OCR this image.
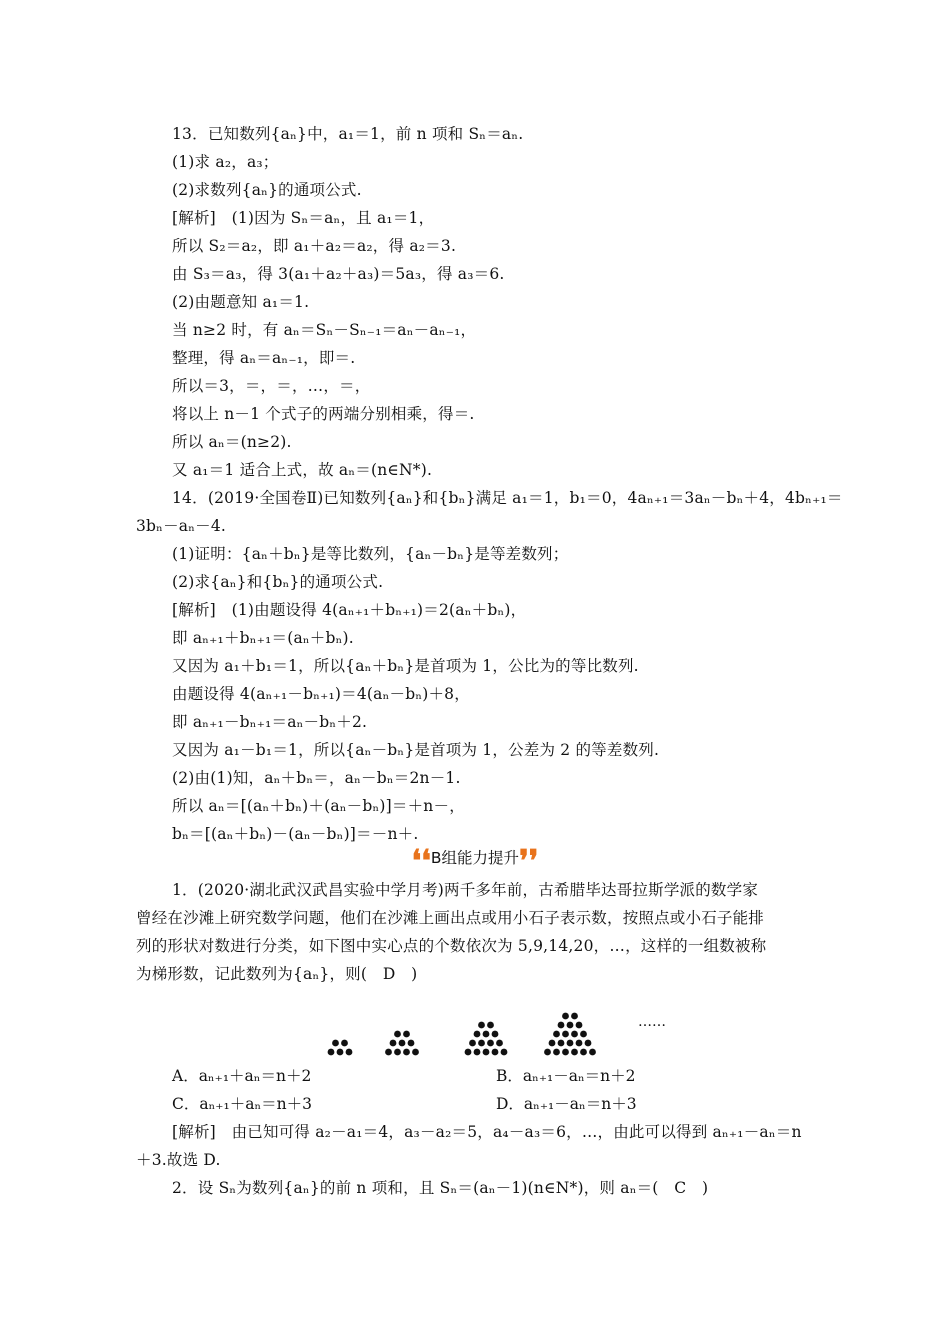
13．已知数列{aₙ}中，a₁＝1，前 n 项和 Sₙ＝aₙ.
(1)求 a₂，a₃；
(2)求数列{aₙ}的通项公式.
[解析]　(1)因为 Sₙ＝aₙ，且 a₁＝1，
所以 S₂＝a₂，即 a₁＋a₂＝a₂，得 a₂＝3.
由 S₃＝a₃，得 3(a₁＋a₂＋a₃)＝5a₃，得 a₃＝6.
(2)由题意知 a₁＝1.
当 n≥2 时，有 aₙ＝Sₙ－Sₙ₋₁＝aₙ－aₙ₋₁，
整理，得 aₙ＝aₙ₋₁，即＝.
所以＝3，＝，＝，…，＝，
将以上 n－1 个式子的两端分别相乘，得＝.
所以 aₙ＝(n≥2).
又 a₁＝1 适合上式，故 aₙ＝(n∈N*).
14．(2019·全国卷Ⅱ)已知数列{aₙ}和{bₙ}满足 a₁＝1，b₁＝0，4aₙ₊₁＝3aₙ－bₙ＋4，4bₙ₊₁＝
3bₙ－aₙ－4.
(1)证明：{aₙ＋bₙ}是等比数列，{aₙ－bₙ}是等差数列；
(2)求{aₙ}和{bₙ}的通项公式.
[解析]　(1)由题设得 4(aₙ₊₁＋bₙ₊₁)＝2(aₙ＋bₙ)，
即 aₙ₊₁＋bₙ₊₁＝(aₙ＋bₙ).
又因为 a₁＋b₁＝1，所以{aₙ＋bₙ}是首项为 1，公比为的等比数列.
由题设得 4(aₙ₊₁－bₙ₊₁)＝4(aₙ－bₙ)＋8，
即 aₙ₊₁－bₙ₊₁＝aₙ－bₙ＋2.
又因为 a₁－b₁＝1，所以{aₙ－bₙ}是首项为 1，公差为 2 的等差数列.
(2)由(1)知，aₙ＋bₙ＝，aₙ－bₙ＝2n－1.
所以 aₙ＝[(aₙ＋bₙ)＋(aₙ－bₙ)]＝＋n－，
bₙ＝[(aₙ＋bₙ)－(aₙ－bₙ)]＝－n＋.
❛❛B组能力提升❜❜
1．(2020·湖北武汉武昌实验中学月考)两千多年前，古希腊毕达哥拉斯学派的数学家
曾经在沙滩上研究数学问题，他们在沙滩上画出点或用小石子表示数，按照点或小石子能排
列的形状对数进行分类，如下图中实心点的个数依次为 5,9,14,20，…，这样的一组数被称
为梯形数，记此数列为{aₙ}，则(　D　)
……
A．aₙ₊₁＋aₙ＝n＋2	B．aₙ₊₁－aₙ＝n＋2
C．aₙ₊₁＋aₙ＝n＋3	D．aₙ₊₁－aₙ＝n＋3
[解析]　由已知可得 a₂－a₁＝4，a₃－a₂＝5，a₄－a₃＝6，…，由此可以得到 aₙ₊₁－aₙ＝n
＋3.故选 D.
2．设 Sₙ为数列{aₙ}的前 n 项和，且 Sₙ＝(aₙ－1)(n∈N*)，则 aₙ＝(　C　)
